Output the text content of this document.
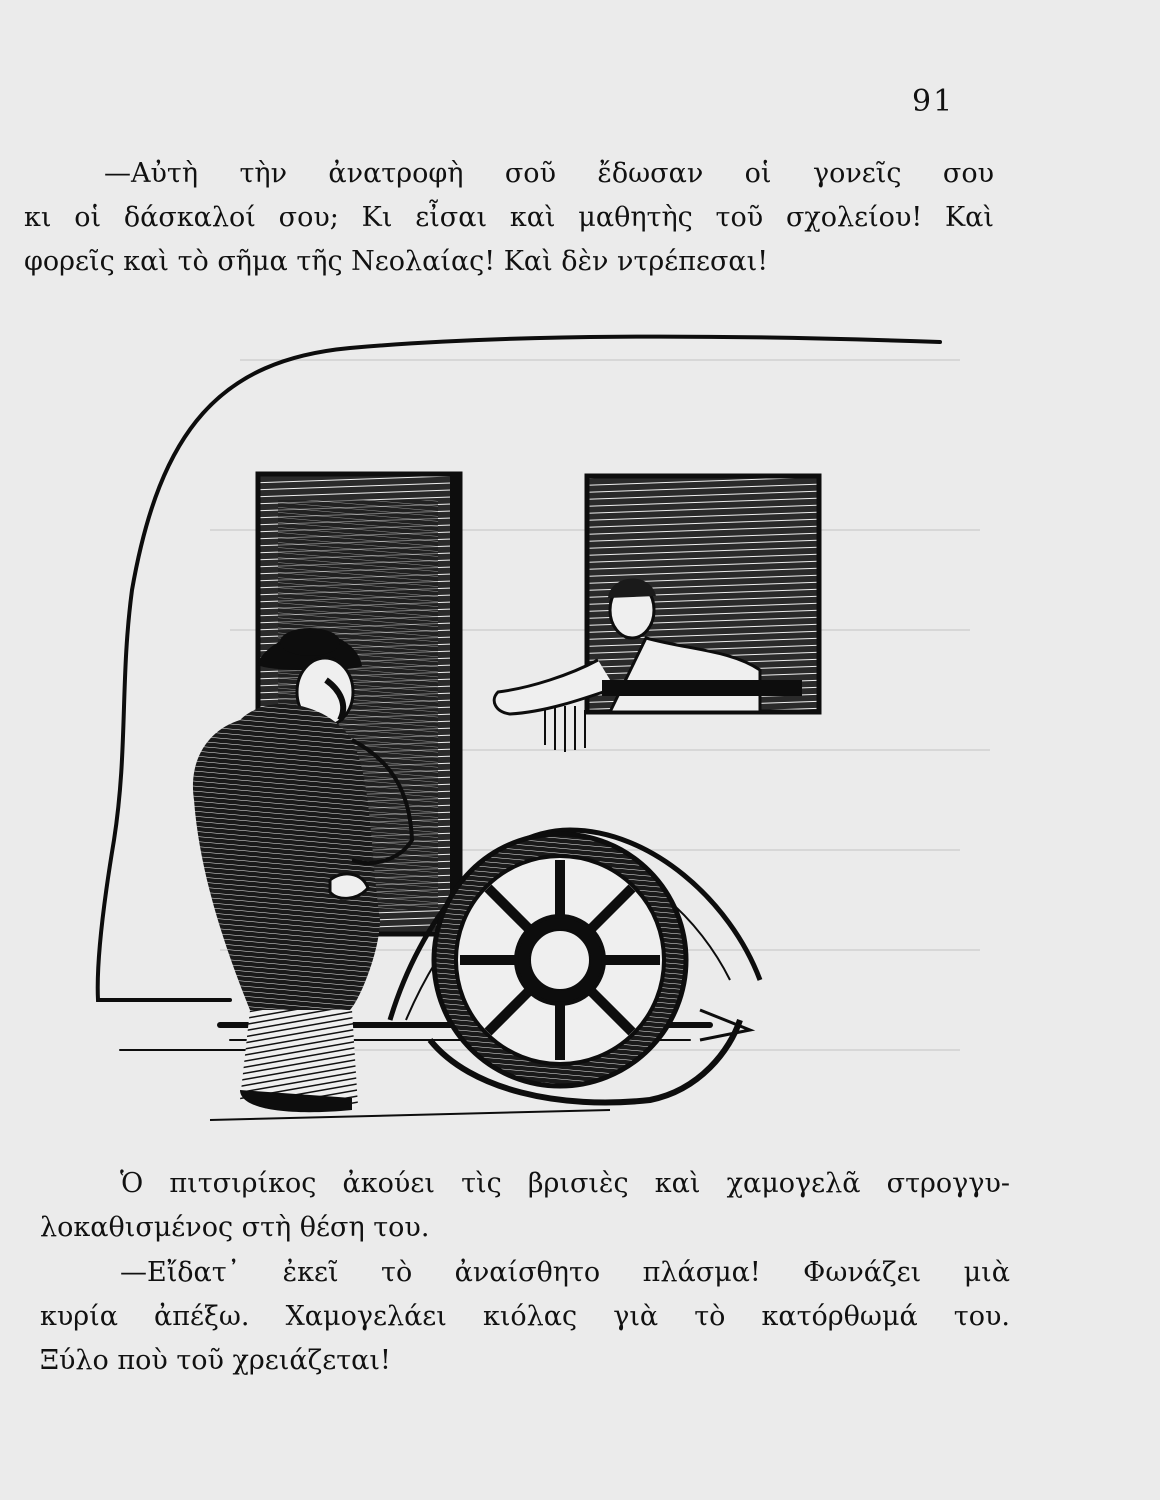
91
—Αὐτὴ τὴν ἀνατροφὴ σοῦ ἔδωσαν οἱ γονεῖς σου
κι οἱ δάσκαλοί σου; Κι εἶσαι καὶ μαθητὴς τοῦ σχολείου! Καὶ
φορεῖς καὶ τὸ σῆμα τῆς Νεολαίας! Καὶ δὲν ντρέπεσαι!
Ὁ πιτσιρίκος ἀκούει τὶς βρισιὲς καὶ χαμογελᾶ στρογγυ-
λοκαθισμένος στὴ θέση του.
—Εἴδατ᾽ ἐκεῖ τὸ ἀναίσθητο πλάσμα! Φωνάζει μιὰ
κυρία ἀπέξω. Χαμογελάει κιόλας γιὰ τὸ κατόρθωμά του.
Ξύλο ποὺ τοῦ χρειάζεται!
